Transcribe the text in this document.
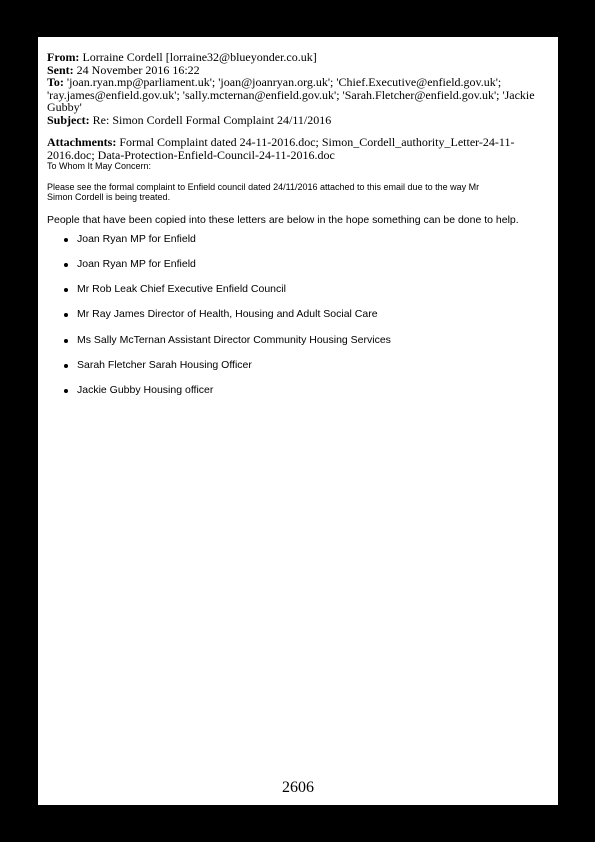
From: Lorraine Cordell [lorraine32@blueyonder.co.uk]
Sent: 24 November 2016 16:22
To: 'joan.ryan.mp@parliament.uk'; 'joan@joanryan.org.uk'; 'Chief.Executive@enfield.gov.uk';
'ray.james@enfield.gov.uk'; 'sally.mcternan@enfield.gov.uk'; 'Sarah.Fletcher@enfield.gov.uk'; 'Jackie
Gubby'
Subject: Re: Simon Cordell Formal Complaint 24/11/2016
Attachments: Formal Complaint dated 24-11-2016.doc; Simon_Cordell_authority_Letter-24-11-
2016.doc; Data-Protection-Enfield-Council-24-11-2016.doc
To Whom It May Concern:
Please see the formal complaint to Enfield council dated 24/11/2016 attached to this email due to the way Mr
Simon Cordell is being treated.
People that have been copied into these letters are below in the hope something can be done to help.
Joan Ryan MP for Enfield
Joan Ryan MP for Enfield
Mr Rob Leak Chief Executive Enfield Council
Mr Ray James Director of Health, Housing and Adult Social Care
Ms Sally McTernan Assistant Director Community Housing Services
Sarah Fletcher Sarah Housing Officer
Jackie Gubby Housing officer
2606
